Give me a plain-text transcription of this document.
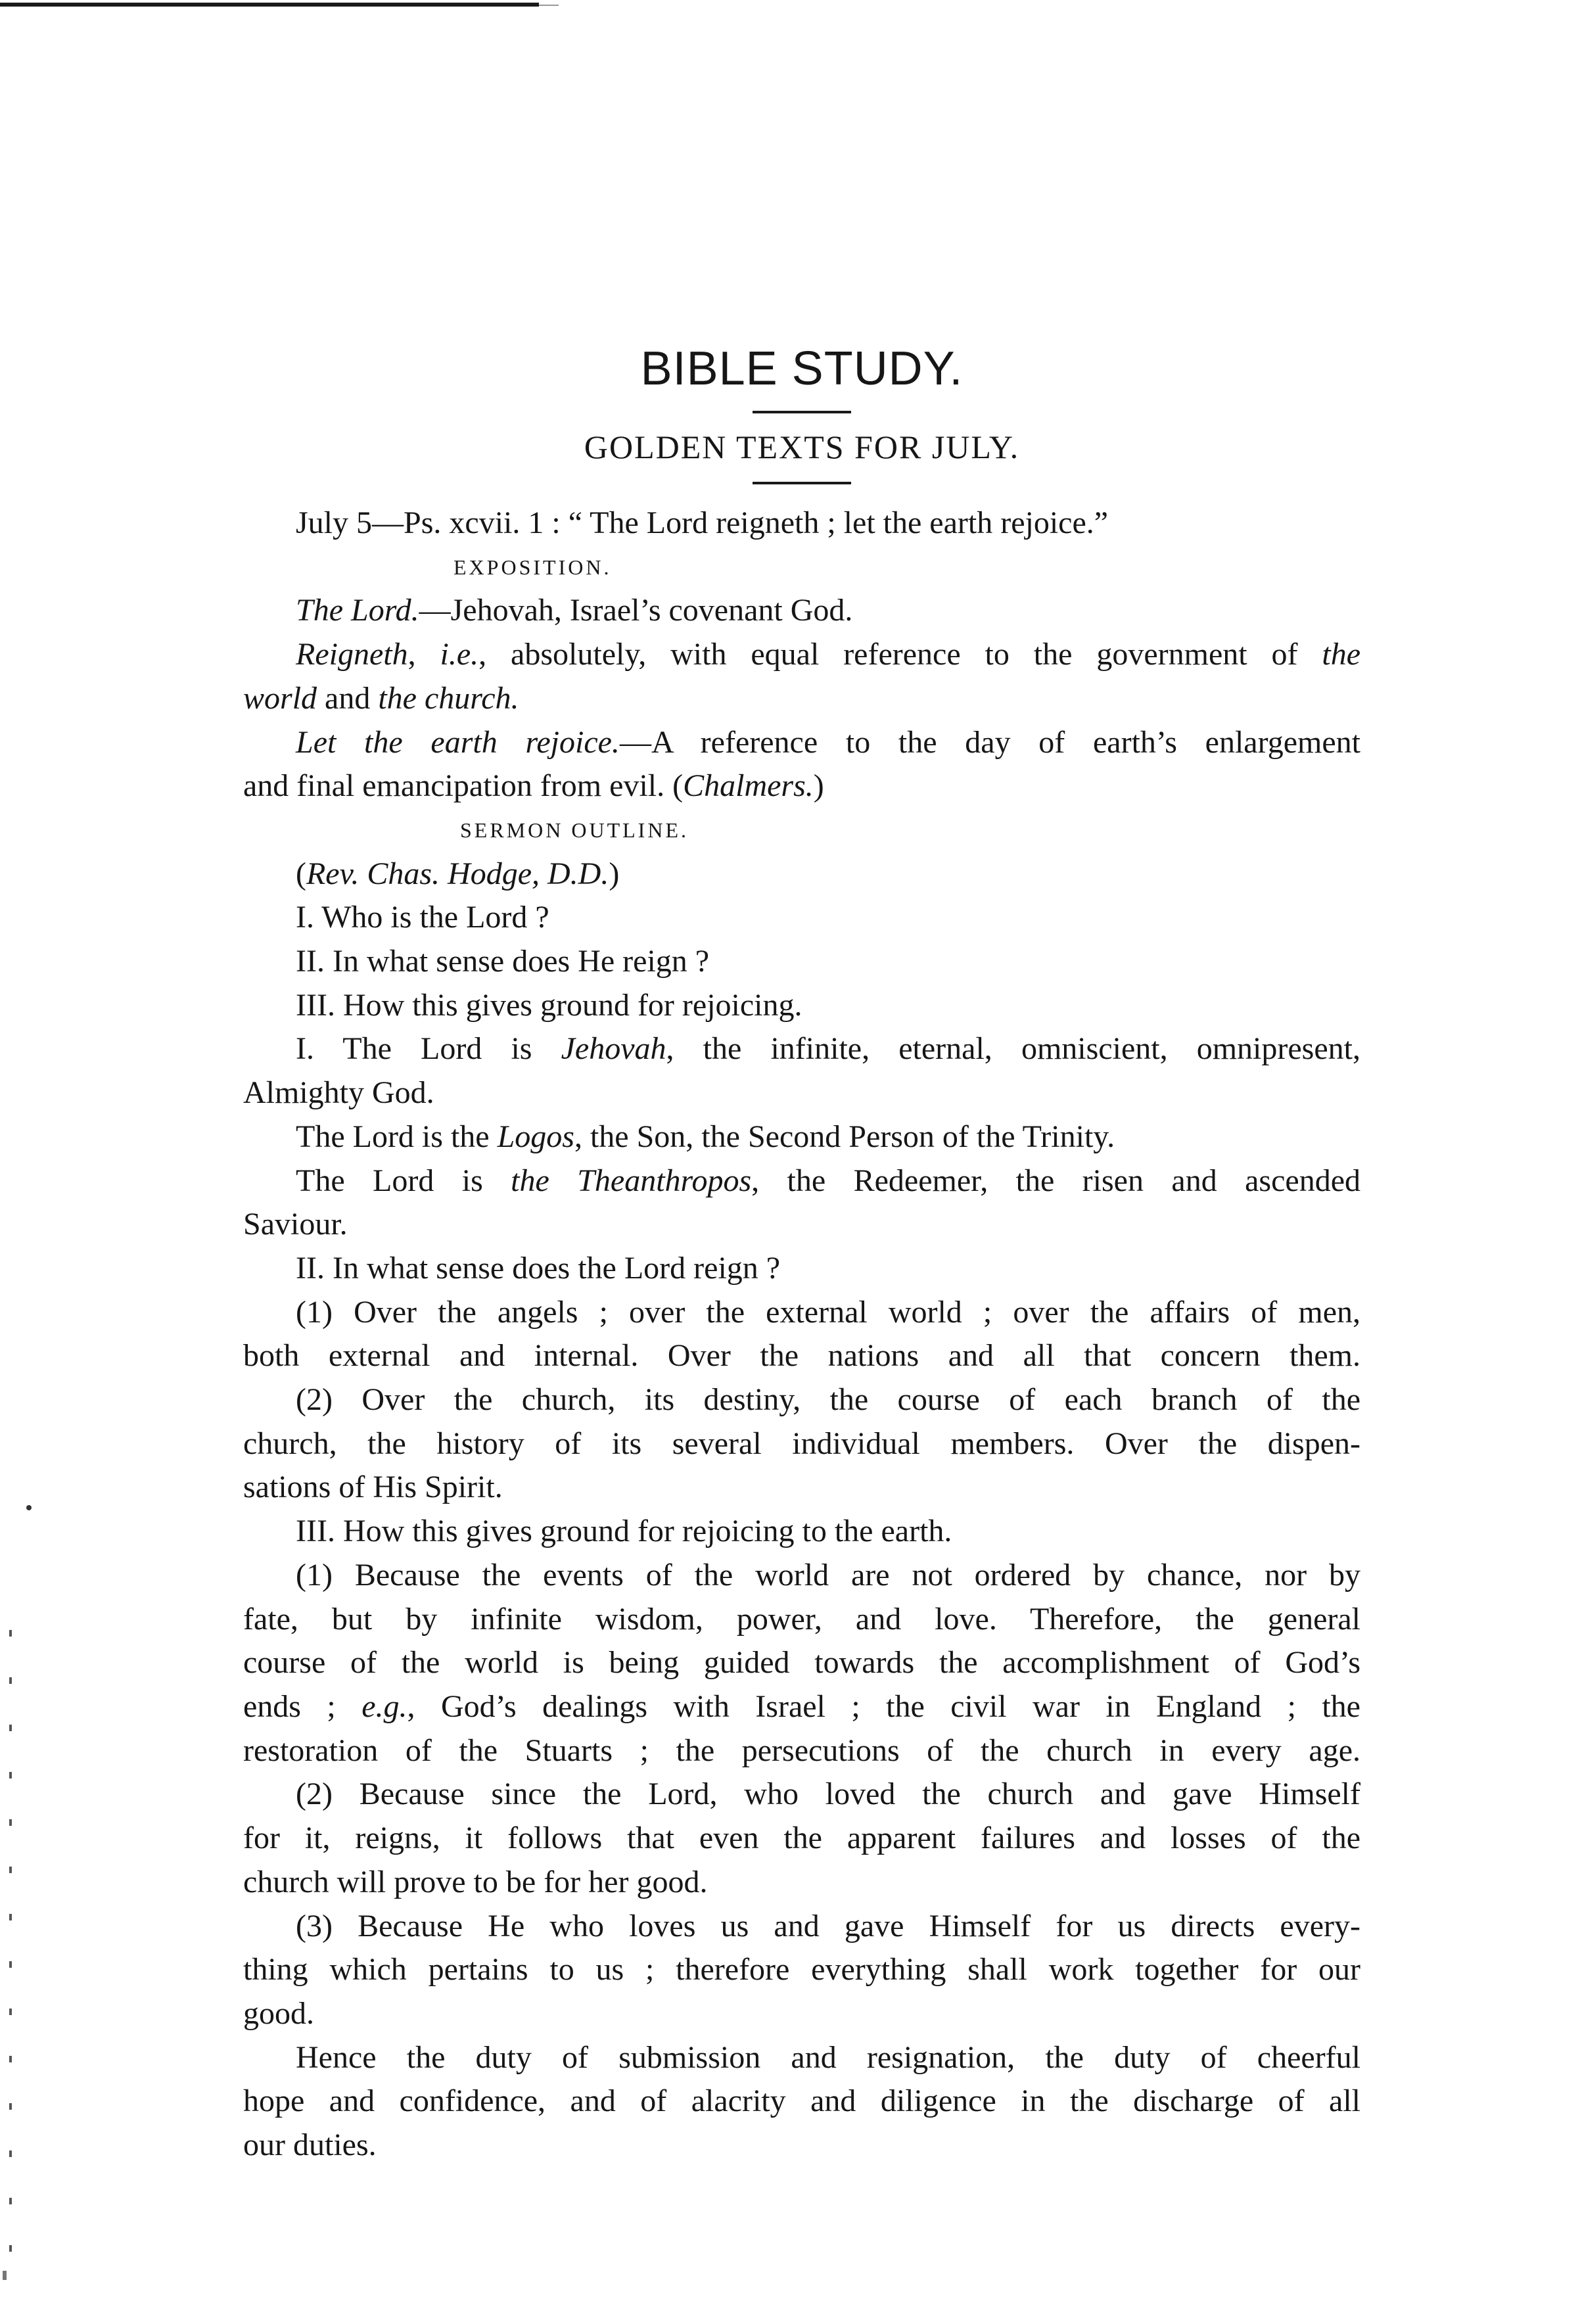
BIBLE STUDY.
GOLDEN TEXTS FOR JULY.
July 5—Ps. xcvii. 1 : “ The Lord reigneth ; let the earth rejoice.”
EXPOSITION.
The Lord.—Jehovah, Israel’s covenant God.
Reigneth, i.e., absolutely, with equal reference to the government of the
world and the church.
Let the earth rejoice.—A reference to the day of earth’s enlargement
and final emancipation from evil. (Chalmers.)
SERMON OUTLINE.
(Rev. Chas. Hodge, D.D.)
I. Who is the Lord ?
II. In what sense does He reign ?
III. How this gives ground for rejoicing.
I. The Lord is Jehovah, the infinite, eternal, omniscient, omnipresent,
Almighty God.
The Lord is the Logos, the Son, the Second Person of the Trinity.
The Lord is the Theanthropos, the Redeemer, the risen and ascended
Saviour.
II. In what sense does the Lord reign ?
(1) Over the angels ; over the external world ; over the affairs of men,
both external and internal. Over the nations and all that concern them.
(2) Over the church, its destiny, the course of each branch of the
church, the history of its several individual members. Over the dispen-
sations of His Spirit.
III. How this gives ground for rejoicing to the earth.
(1) Because the events of the world are not ordered by chance, nor by
fate, but by infinite wisdom, power, and love. Therefore, the general
course of the world is being guided towards the accomplishment of God’s
ends ; e.g., God’s dealings with Israel ; the civil war in England ; the
restoration of the Stuarts ; the persecutions of the church in every age.
(2) Because since the Lord, who loved the church and gave Himself
for it, reigns, it follows that even the apparent failures and losses of the
church will prove to be for her good.
(3) Because He who loves us and gave Himself for us directs every-
thing which pertains to us ; therefore everything shall work together for our
good.
Hence the duty of submission and resignation, the duty of cheerful
hope and confidence, and of alacrity and diligence in the discharge of all
our duties.
